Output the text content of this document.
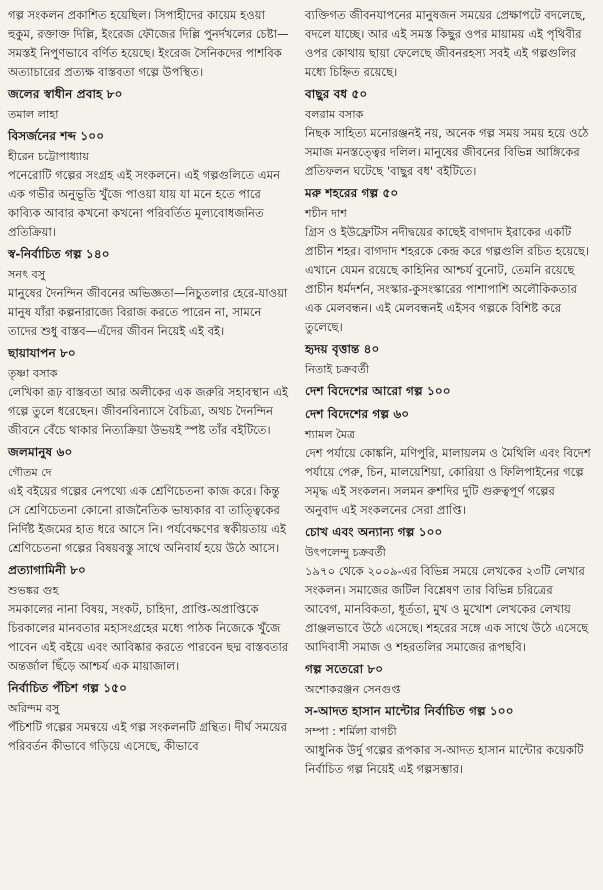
গল্প সংকলন প্রকাশিত হয়েছিল। সিপাহীদের কায়েম হওয়া হুকুম, রক্তাক্ত দিল্লি, ইংরেজ ফৌজের দিল্লি পুনর্দখলের চেষ্টা—সমস্তই নিপুণভাবে বর্ণিত হয়েছে। ইংরেজ সৈনিকদের পাশবিক অত্যাচারের প্রত্যক্ষ বাস্তবতা গল্পে উপস্থিত।

জলের স্বাধীন প্রবাহ ৮০

তমাল লাহা

বিসর্জনের শব্দ ১০০

হীরেন চট্টোপাধ্যায়

পনেরোটি গল্পের সংগ্রহ এই সংকলনে। এই গল্পগুলিতে এমন এক গভীর অনুভূতি খুঁজে পাওয়া যায় যা মনে হতে পারে কাব্যিক আবার কখনো কখনো পরিবর্তিত মূল্যবোধজনিত প্রতিক্রিয়া।

স্ব-নির্বাচিত গল্প ১৪০

সনৎ বসু

মানুষের দৈনন্দিন জীবনের অভিজ্ঞতা—নিচুতলার হেরে-যাওয়া মানুষ যাঁরা কল্পনারাজ্যে বিরাজ করতে পারেন না, সামনে তাদের শুধু বাস্তব—এঁদের জীবন নিয়েই এই বই।

ছায়াযাপন ৮০

তৃষ্ণা বসাক

লেখিকা রূঢ় বাস্তবতা আর অলীকের এক জরুরি সহাবস্থান এই গল্পে তুলে ধরেছেন। জীবনবিন্যাসে বৈচিত্র্য, অথচ দৈনন্দিন জীবনে বেঁচে থাকার নিত্যক্রিয়া উভয়ই স্পষ্ট তাঁর বইটিতে।

জলমানুষ ৬০

গৌতম দে

এই বইয়ের গল্পের নেপথ্যে এক শ্রেণিচেতনা কাজ করে। কিন্তু সে শ্রেণিচেতনা কোনো রাজনৈতিক ভাষ্যকার বা তাত্ত্বিকের নির্দিষ্ট ইজমের হাত ধরে আসে নি। পর্যবেক্ষণের স্বকীয়তায় এই শ্রেণিচেতনা গল্পের বিষয়বস্তু সাথে অনিবার্য হয়ে উঠে আসে।

প্রত্যাগামিনী ৮০

শুভঙ্কর গুহ

সমকালের নানা বিষয়, সংকট, চাহিদা, প্রাপ্তি-অপ্রাপ্তিকে চিরকালের মানবতার মহাসংগ্রহের মধ্যে পাঠক নিজেকে খুঁজে পাবেন এই বইয়ে এবং আবিষ্কার করতে পারবেন ছদ্ম বাস্তবতার অন্তর্জাল ছিঁড়ে আশ্চর্য এক মায়াজাল।

নির্বাচিত পঁচিশ গল্প ১৫০

অরিন্দম বসু

পঁচিশটি গল্পের সমন্বয়ে এই গল্প সংকলনটি গ্রন্থিত। দীর্ঘ সময়ের পরিবর্তন কীভাবে গড়িয়ে এসেছে, কীভাবে

ব্যক্তিগত জীবনযাপনের মানুষজন সময়ের প্রেক্ষাপটে বদলেছে, বদলে যাচ্ছে। আর এই সমস্ত কিছুর ওপর মায়াময় এই পৃথিবীর ওপর কোথায় ছায়া ফেলেছে জীবনরহস্য সবই এই গল্পগুলির মধ্যে চিহ্নিত রয়েছে।

বাছুর বধ ৫০

বলরাম বসাক

নিছক সাহিত্য মনোরঞ্জনই নয়, অনেক গল্প সময় সময় হয়ে ওঠে সমাজ মনস্তত্ত্বের দলিল। মানুষের জীবনের বিভিন্ন আঙ্গিকের প্রতিফলন ঘটেছে 'বাছুর বধ' বইটিতে।

মরু শহরের গল্প ৫০

শচীন দাশ

গ্রিস ও ইউফ্রেটিস নদীদ্বয়ের কাছেই বাগদাদ ইরাকের একটি প্রাচীন শহর। বাগদাদ শহরকে কেন্দ্র করে গল্পগুলি রচিত হয়েছে। এখানে যেমন রয়েছে কাহিনির আশ্চর্য বুনোট, তেমনি রয়েছে প্রাচীন ধর্মদর্শন, সংস্কার-কুসংস্কারের পাশাপাশি অলৌকিকতার এক মেলবন্ধন। এই মেলবন্ধনই এইসব গল্পকে বিশিষ্ট করে তুলেছে।

হৃদয় বৃত্তান্ত ৪০

নিতাই চক্রবর্তী

দেশ বিদেশের আরো গল্প ১০০

দেশ বিদেশের গল্প ৬০

শ্যামল মৈত্র

দেশ পর্যায়ে কোঙ্কনি, মণিপুরি, মালায়লম ও মৈথিলি এবং বিদেশ পর্যায়ে পেরু, চিন, মালয়েশিয়া, কোরিয়া ও ফিলিপাইনের গল্পে সমৃদ্ধ এই সংকলন। সলমন রুশদির দুটি গুরুত্বপূর্ণ গল্পের অনুবাদ এই সংকলনের সেরা প্রাপ্তি।

চোখ এবং অন্যান্য গল্প ১০০

উৎপলেন্দু চক্রবর্তী

১৯৭০ থেকে ২০০৯-এর বিভিন্ন সময়ে লেখকের ২৩টি লেখার সংকলন। সমাজের জটিল বিশ্লেষণ তার বিভিন্ন চরিত্রের আবেগ, মানবিকতা, ধূর্ততা, মুখ ও মুখোশ লেখকের লেখায় প্রাঞ্জলভাবে উঠে এসেছে। শহরের সঙ্গে এক সাথে উঠে এসেছে আদিবাসী সমাজ ও শহরতলির সমাজের রূপছবি।

গল্প সতেরো ৮০

অশোকরঞ্জন সেনগুপ্ত

স-আদত হাসান মান্টোর নির্বাচিত গল্প ১০০

সম্পা : শর্মিলা বাগচী

আধুনিক উর্দু গল্পের রূপকার স-আদত হাসান মান্টোর কয়েকটি নির্বাচিত গল্প নিয়েই এই গল্পসম্ভার।
